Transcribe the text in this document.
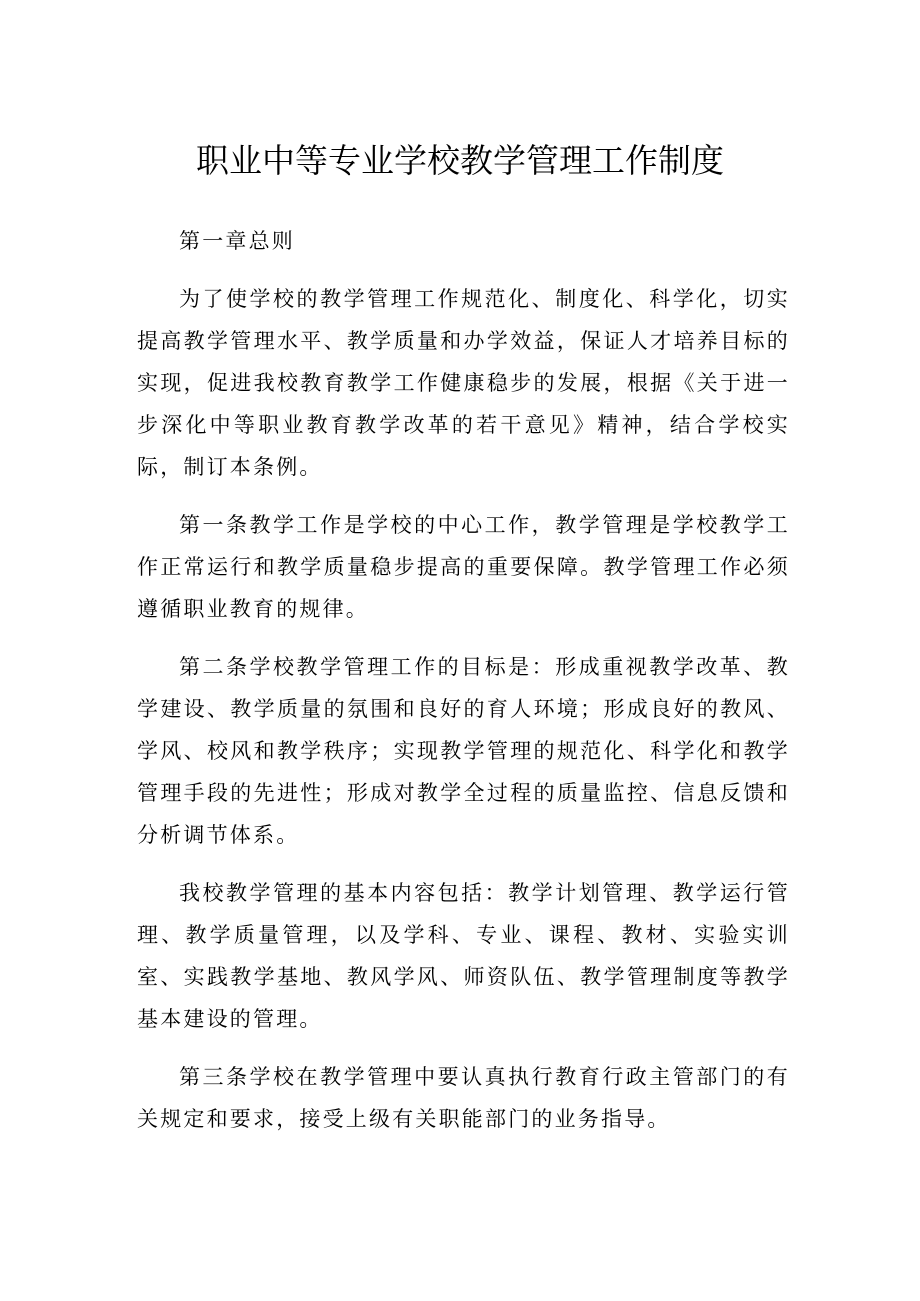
职业中等专业学校教学管理工作制度

第一章总则

为了使学校的教学管理工作规范化、制度化、科学化，切实提高教学管理水平、教学质量和办学效益，保证人才培养目标的实现，促进我校教育教学工作健康稳步的发展，根据《关于进一步深化中等职业教育教学改革的若干意见》精神，结合学校实际，制订本条例。

第一条教学工作是学校的中心工作，教学管理是学校教学工作正常运行和教学质量稳步提高的重要保障。教学管理工作必须遵循职业教育的规律。

第二条学校教学管理工作的目标是：形成重视教学改革、教学建设、教学质量的氛围和良好的育人环境；形成良好的教风、学风、校风和教学秩序；实现教学管理的规范化、科学化和教学管理手段的先进性；形成对教学全过程的质量监控、信息反馈和分析调节体系。

我校教学管理的基本内容包括：教学计划管理、教学运行管理、教学质量管理，以及学科、专业、课程、教材、实验实训室、实践教学基地、教风学风、师资队伍、教学管理制度等教学基本建设的管理。

第三条学校在教学管理中要认真执行教育行政主管部门的有关规定和要求，接受上级有关职能部门的业务指导。
